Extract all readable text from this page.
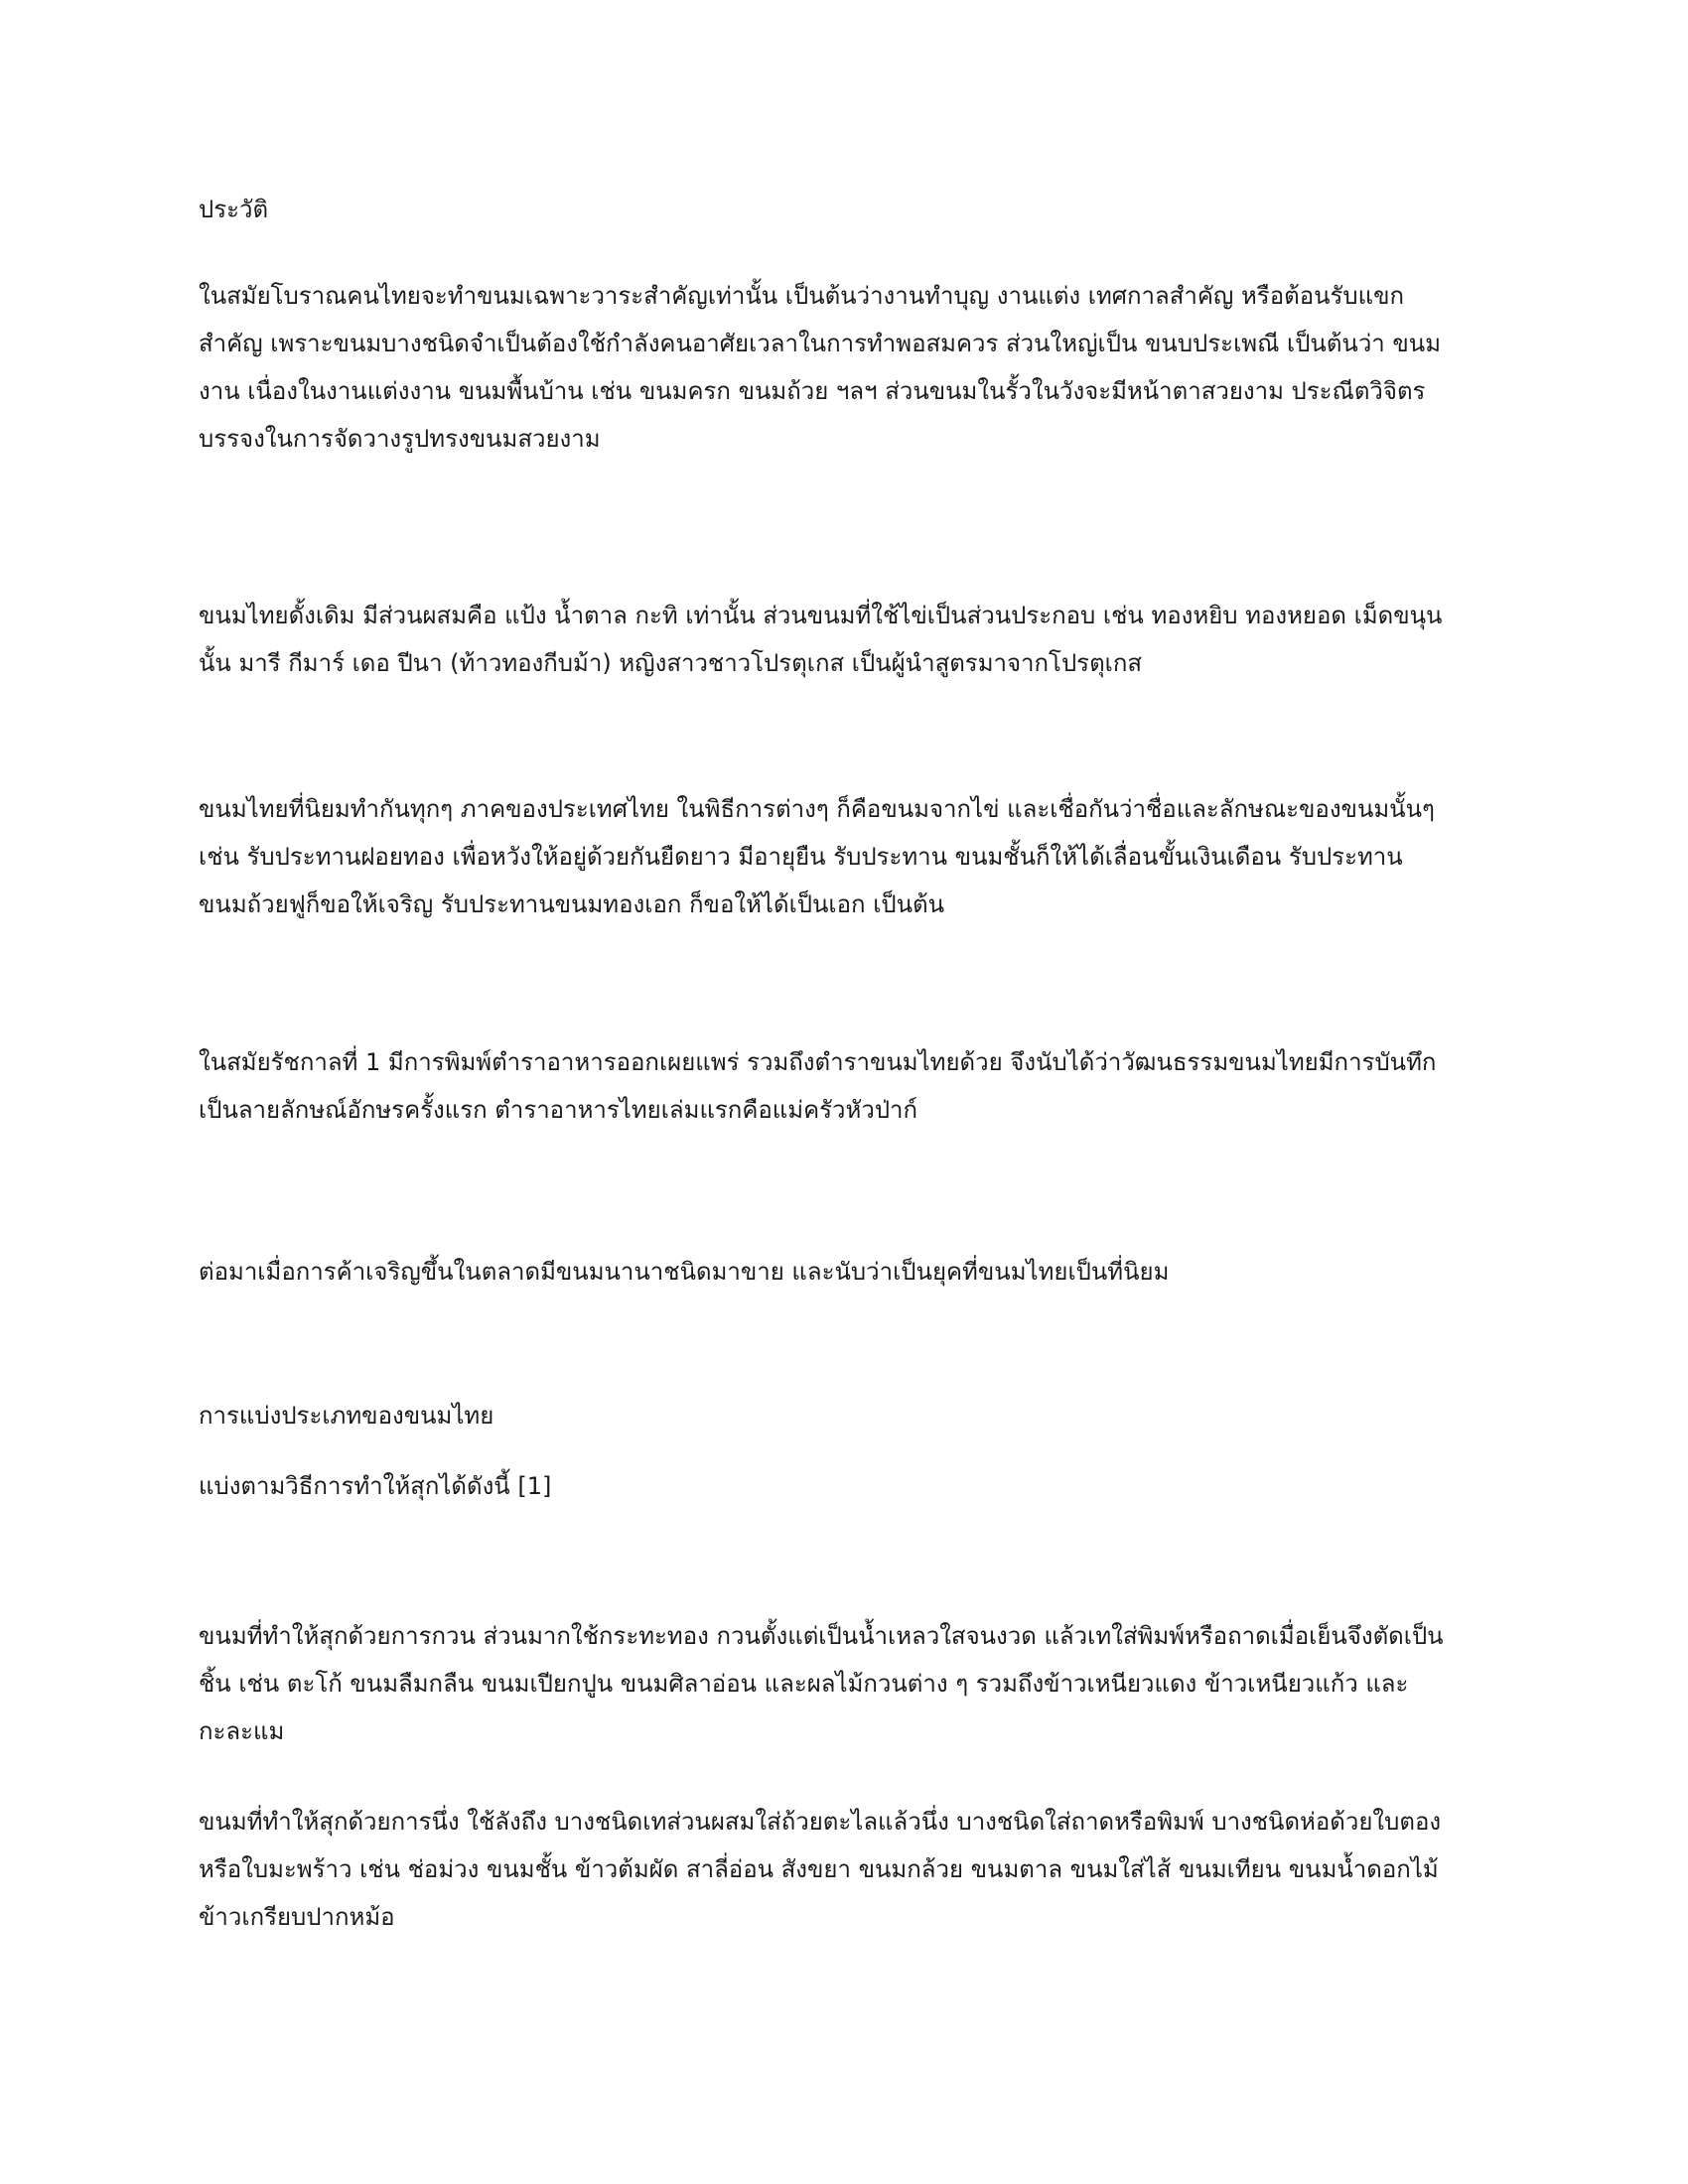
ประวัติ

ในสมัยโบราณคนไทยจะทำขนมเฉพาะวาระสำคัญเท่านั้น เป็นต้นว่างานทำบุญ งานแต่ง เทศกาลสำคัญ หรือต้อนรับแขก
สำคัญ เพราะขนมบางชนิดจำเป็นต้องใช้กำลังคนอาศัยเวลาในการทำพอสมควร ส่วนใหญ่เป็น ขนบประเพณี เป็นต้นว่า ขนม
งาน เนื่องในงานแต่งงาน ขนมพื้นบ้าน เช่น ขนมครก ขนมถ้วย ฯลฯ ส่วนขนมในรั้วในวังจะมีหน้าตาสวยงาม ประณีตวิจิตร
บรรจงในการจัดวางรูปทรงขนมสวยงาม

ขนมไทยดั้งเดิม มีส่วนผสมคือ แป้ง น้ำตาล กะทิ เท่านั้น ส่วนขนมที่ใช้ไข่เป็นส่วนประกอบ เช่น ทองหยิบ ทองหยอด เม็ดขนุน
นั้น มารี กีมาร์ เดอ ปีนา (ท้าวทองกีบม้า) หญิงสาวชาวโปรตุเกส เป็นผู้นำสูตรมาจากโปรตุเกส

ขนมไทยที่นิยมทำกันทุกๆ ภาคของประเทศไทย ในพิธีการต่างๆ ก็คือขนมจากไข่ และเชื่อกันว่าชื่อและลักษณะของขนมนั้นๆ
เช่น รับประทานฝอยทอง เพื่อหวังให้อยู่ด้วยกันยืดยาว มีอายุยืน รับประทาน ขนมชั้นก็ให้ได้เลื่อนขั้นเงินเดือน รับประทาน
ขนมถ้วยฟูก็ขอให้เจริญ รับประทานขนมทองเอก ก็ขอให้ได้เป็นเอก เป็นต้น

ในสมัยรัชกาลที่ 1 มีการพิมพ์ตำราอาหารออกเผยแพร่ รวมถึงตำราขนมไทยด้วย จึงนับได้ว่าวัฒนธรรมขนมไทยมีการบันทึก
เป็นลายลักษณ์อักษรครั้งแรก ตำราอาหารไทยเล่มแรกคือแม่ครัวหัวป่าก์

ต่อมาเมื่อการค้าเจริญขึ้นในตลาดมีขนมนานาชนิดมาขาย และนับว่าเป็นยุคที่ขนมไทยเป็นที่นิยม

การแบ่งประเภทของขนมไทย
แบ่งตามวิธีการทำให้สุกได้ดังนี้ [1]

ขนมที่ทำให้สุกด้วยการกวน ส่วนมากใช้กระทะทอง กวนตั้งแต่เป็นน้ำเหลวใสจนงวด แล้วเทใส่พิมพ์หรือถาดเมื่อเย็นจึงตัดเป็น
ชิ้น เช่น ตะโก้ ขนมลืมกลืน ขนมเปียกปูน ขนมศิลาอ่อน และผลไม้กวนต่าง ๆ รวมถึงข้าวเหนียวแดง ข้าวเหนียวแก้ว และ
กะละแม

ขนมที่ทำให้สุกด้วยการนึ่ง ใช้ลังถึง บางชนิดเทส่วนผสมใส่ถ้วยตะไลแล้วนึ่ง บางชนิดใส่ถาดหรือพิมพ์ บางชนิดห่อด้วยใบตอง
หรือใบมะพร้าว เช่น ช่อม่วง ขนมชั้น ข้าวต้มผัด สาลี่อ่อน สังขยา ขนมกล้วย ขนมตาล ขนมใส่ไส้ ขนมเทียน ขนมน้ำดอกไม้
ข้าวเกรียบปากหม้อ
